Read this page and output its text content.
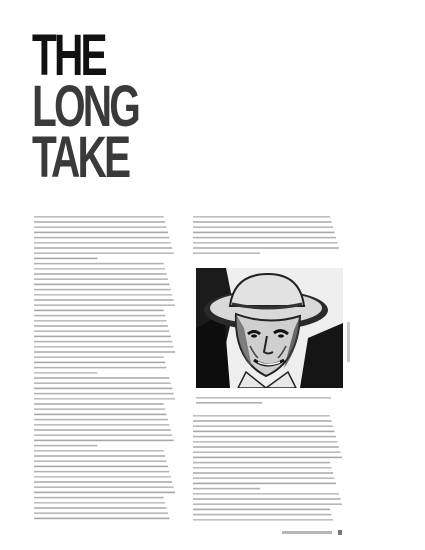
THE
LONG
TAKE
